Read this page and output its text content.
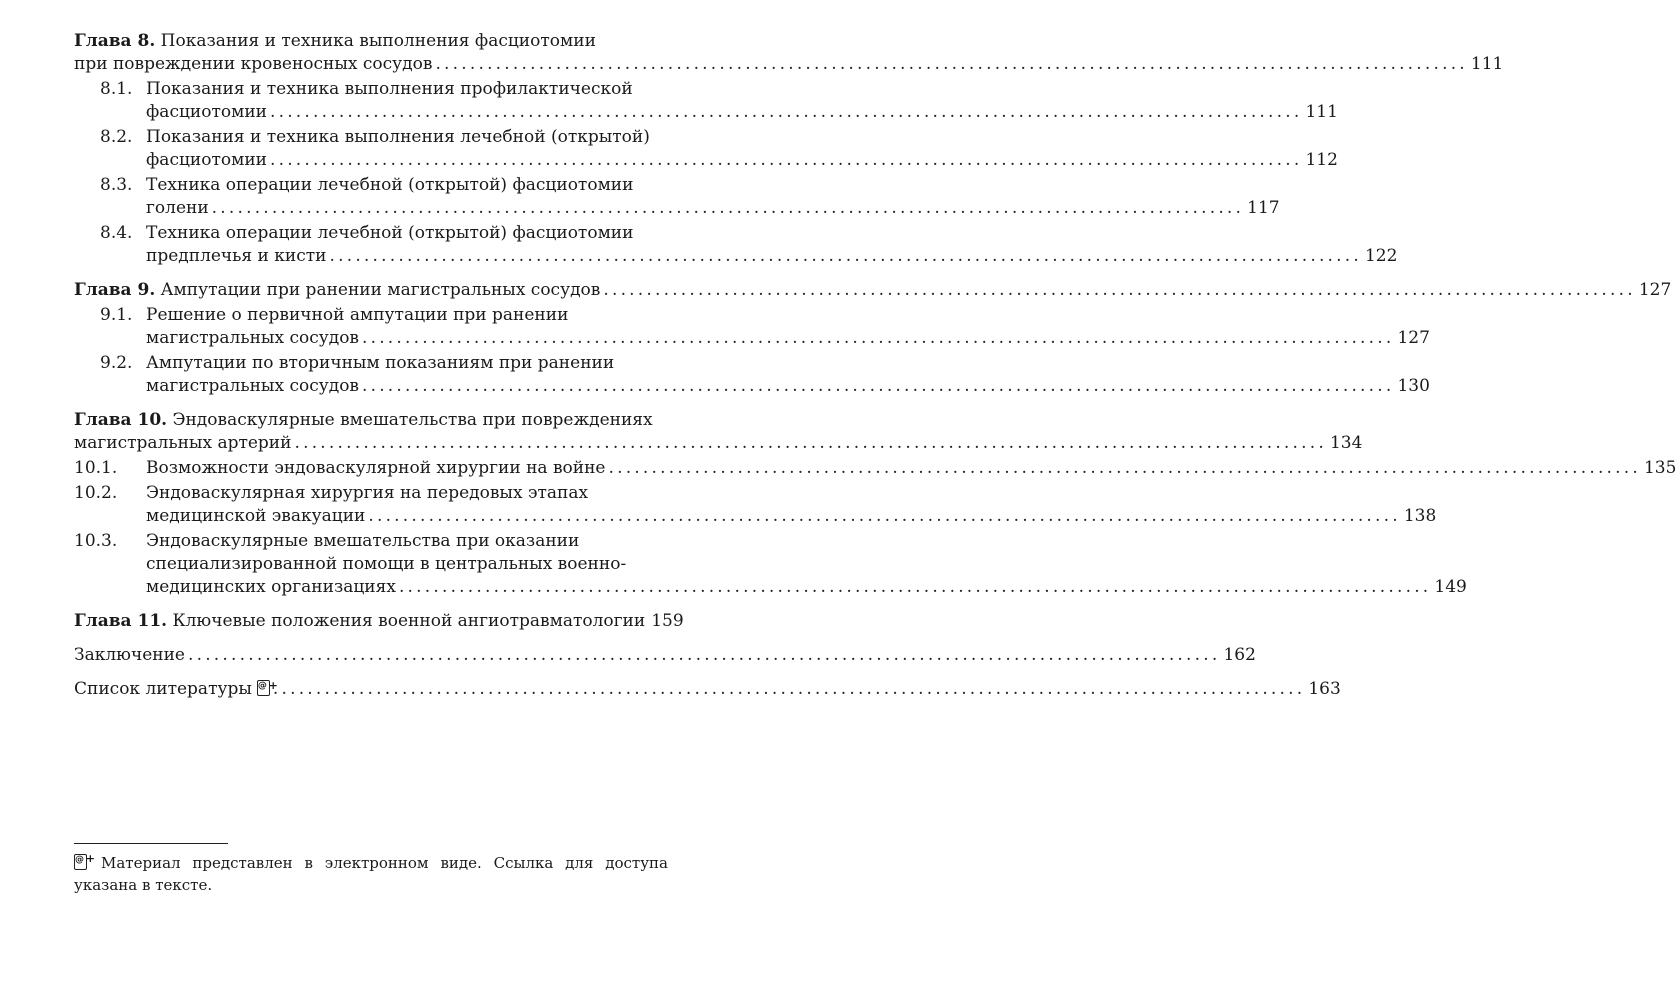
Глава 8. Показания и техника выполнения фасциотомии
при повреждении кровеносных сосудов ........................................................................................................................ 111
8.1. Показания и техника выполнения профилактической
фасциотомии ........................................................................................................................ 111
8.2. Показания и техника выполнения лечебной (открытой)
фасциотомии ........................................................................................................................ 112
8.3. Техника операции лечебной (открытой) фасциотомии
голени ........................................................................................................................ 117
8.4. Техника операции лечебной (открытой) фасциотомии
предплечья и кисти ........................................................................................................................ 122
Глава 9. Ампутации при ранении магистральных сосудов ........................................................................................................................ 127
9.1. Решение о первичной ампутации при ранении
магистральных сосудов ........................................................................................................................ 127
9.2. Ампутации по вторичным показаниям при ранении
магистральных сосудов ........................................................................................................................ 130
Глава 10. Эндоваскулярные вмешательства при повреждениях
магистральных артерий ........................................................................................................................ 134
10.1.	Возможности эндоваскулярной хирургии на войне ........................................................................................................................ 135
10.2.	Эндоваскулярная хирургия на передовых этапах
медицинской эвакуации ........................................................................................................................ 138
10.3.	Эндоваскулярные вмешательства при оказании
специализированной помощи в центральных военно-
медицинских организациях ........................................................................................................................ 149
Глава 11. Ключевые положения военной ангиотравматологии 159
Заключение ........................................................................................................................ 162
Список литературы @ +	........................................................................................................................ 163
@ +Материал представлен в электронном виде. Ссылка для доступа указана в тексте.
